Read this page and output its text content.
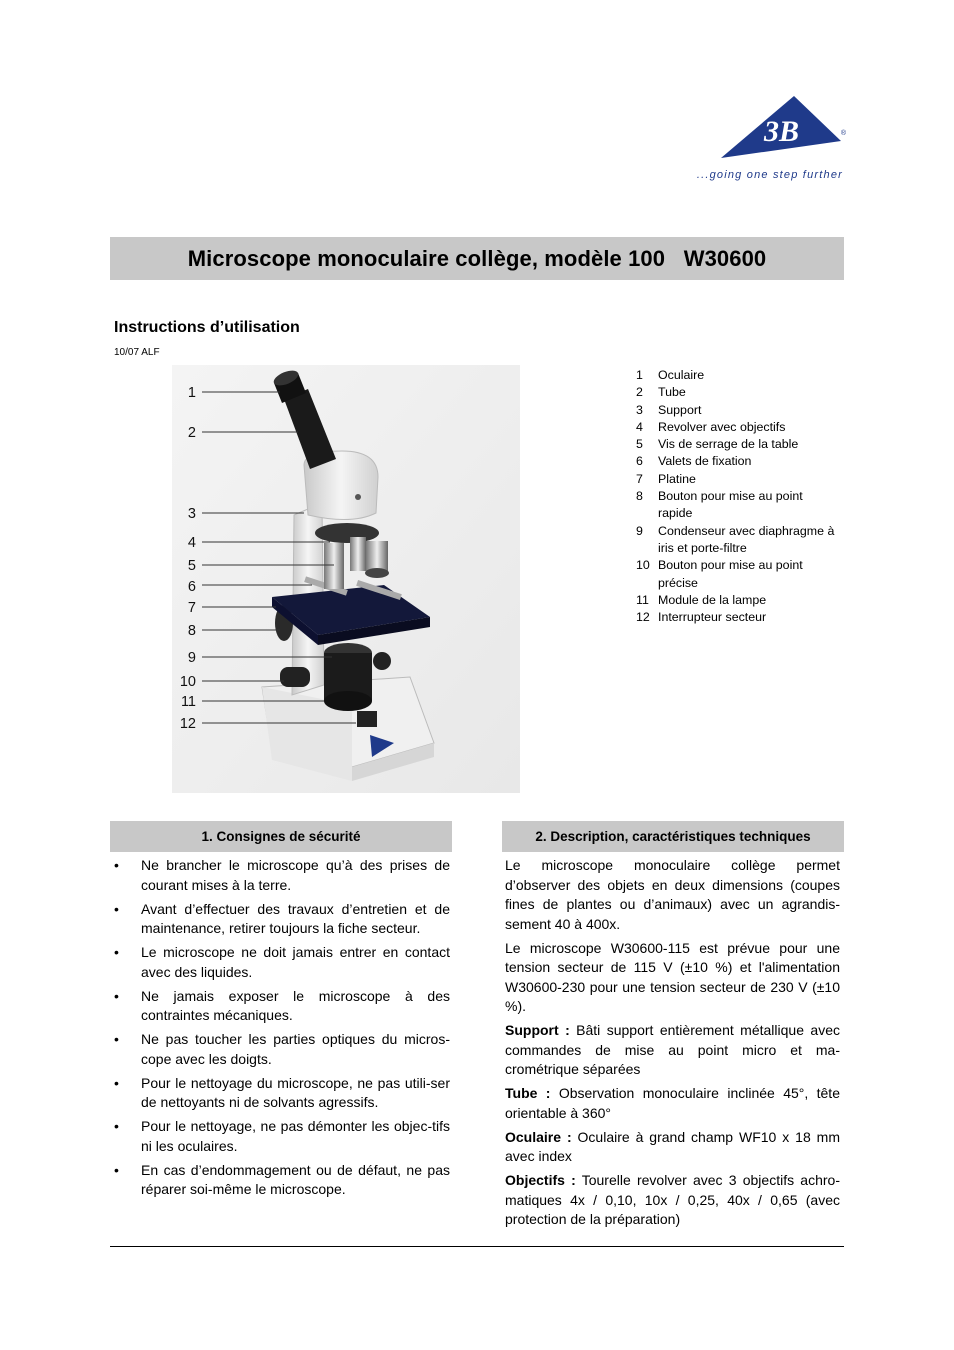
3B	®
...going one step further
Microscope monoculaire collège, modèle 100   W30600
Instructions d’utilisation
10/07 ALF
1
2
3
4
5
6
7
8
9
10
11
12
1	Oculaire
2	Tube
3	Support
4	Revolver avec objectifs
5	Vis de serrage de la table
6	Valets de fixation
7	Platine
8	Bouton pour mise au point rapide
9	Condenseur avec diaphragme à iris et porte-filtre
10 Bouton pour mise au point précise
11 Module de la lampe
12 Interrupteur secteur
1. Consignes de sécurité
• Ne brancher le microscope qu’à des prises de courant mises à la terre.
• Avant d’effectuer des travaux d’entretien et de maintenance, retirer toujours la fiche secteur.
• Le microscope ne doit jamais entrer en contact avec des liquides.
• Ne jamais exposer le microscope à des contraintes mécaniques.
• Ne pas toucher les parties optiques du micros-cope avec les doigts.
• Pour le nettoyage du microscope, ne pas utili-ser de nettoyants ni de solvants agressifs.
• Pour le nettoyage, ne pas démonter les objec-tifs ni les oculaires.
• En cas d’endommagement ou de défaut, ne pas réparer soi-même le microscope.
2. Description, caractéristiques techniques

Le microscope monoculaire collège permet d’observer des objets en deux dimensions (coupes fines de plantes ou d’animaux) avec un agrandis-sement 40 à 400x.

Le microscope W30600-115 est prévue pour une tension secteur de 115 V (±10 %) et l'alimentation W30600-230 pour une tension secteur de 230 V (±10 %).

Support : Bâti support entièrement métallique avec commandes de mise au point micro et ma-crométrique séparées

Tube : Observation monoculaire inclinée 45°, tête orientable à 360°

Oculaire : Oculaire à grand champ WF10 x 18 mm avec index

Objectifs : Tourelle revolver avec 3 objectifs achro-matiques 4x / 0,10, 10x / 0,25, 40x / 0,65 (avec protection de la préparation)
